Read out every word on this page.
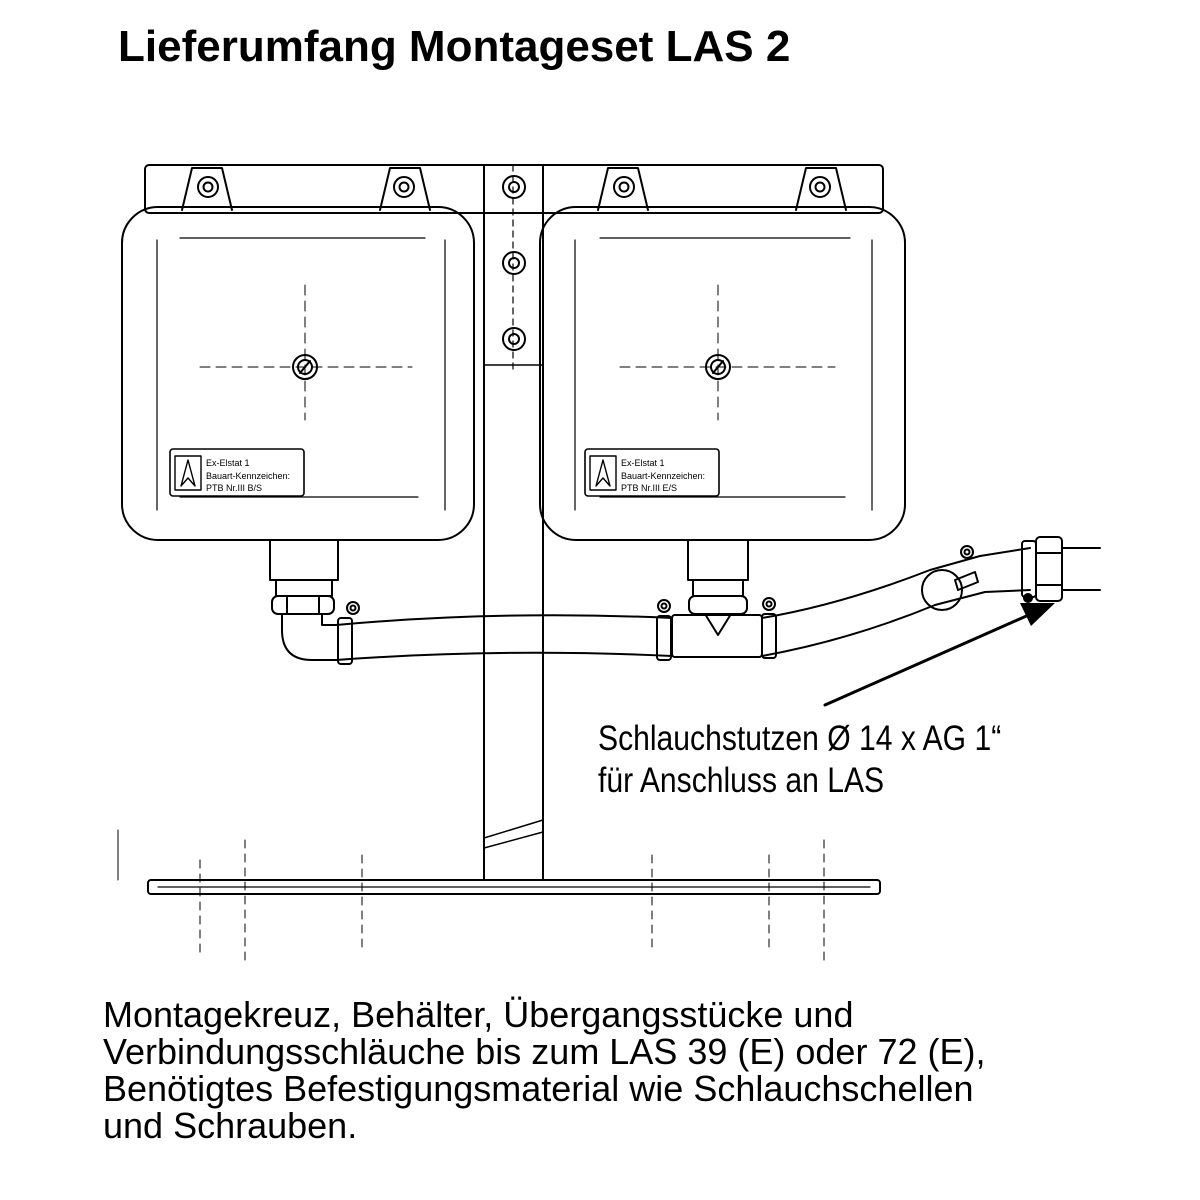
Lieferumfang Montageset LAS 2
Ex-Elstat 1
Bauart-Kennzeichen:
PTB Nr.III B/S
Ex-Elstat 1
Bauart-Kennzeichen:
PTB Nr.III E/S
Schlauchstutzen Ø 14 x AG 1“
für Anschluss an LAS
Montagekreuz, Behälter, Übergangsstücke und
Verbindungsschläuche bis zum LAS 39 (E) oder 72 (E),
Benötigtes Befestigungsmaterial wie Schlauchschellen
und Schrauben.
